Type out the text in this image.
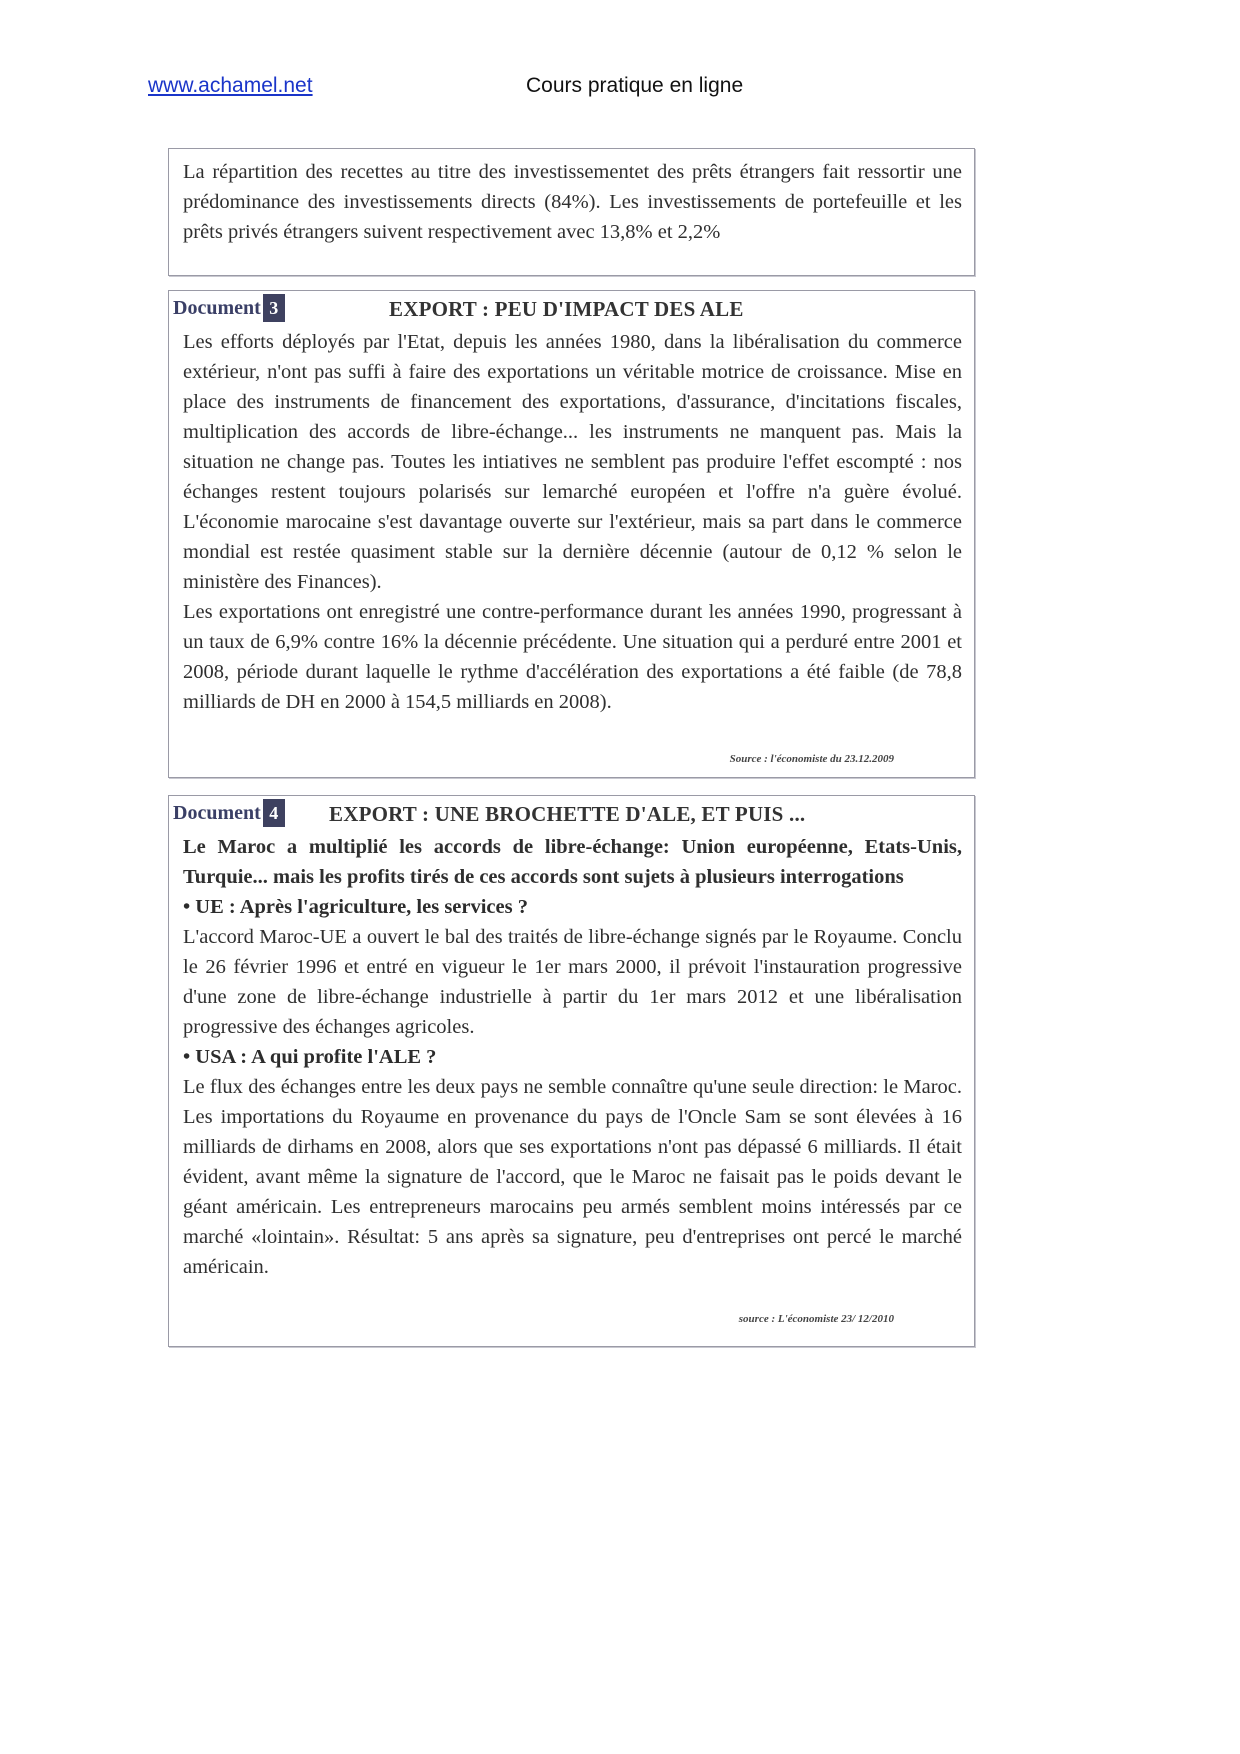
www.achamel.net	Cours pratique en ligne

La répartition des recettes au titre des investissementet des prêts étrangers fait ressortir une prédominance des investissements directs (84%). Les investissements de portefeuille et les prêts privés étrangers suivent respectivement avec 13,8% et 2,2%

Document 3	EXPORT : PEU D'IMPACT DES ALE

Les efforts déployés par l'Etat, depuis les années 1980, dans la libéralisation du commerce extérieur, n'ont pas suffi à faire des exportations un véritable motrice de croissance. Mise en place des instruments de financement des exportations, d'assurance, d'incitations fiscales, multiplication des accords de libre-échange... les instruments ne manquent pas. Mais la situation ne change pas. Toutes les intiatives ne semblent pas produire l'effet escompté : nos échanges restent toujours polarisés sur lemarché européen et l'offre n'a guère évolué. L'économie marocaine s'est davantage ouverte sur l'extérieur, mais sa part dans le commerce mondial est restée quasiment stable sur la dernière décennie (autour de 0,12 % selon le ministère des Finances).

Les exportations ont enregistré une contre-performance durant les années 1990, progressant à un taux de 6,9% contre 16% la décennie précédente. Une situation qui a perduré entre 2001 et 2008, période durant laquelle le rythme d'accélération des exportations a été faible (de 78,8 milliards de DH en 2000 à 154,5 milliards en 2008).

Source : l'économiste du 23.12.2009
Document 4	EXPORT : UNE BROCHETTE D'ALE, ET PUIS ...

Le Maroc a multiplié les accords de libre-échange: Union européenne, Etats-Unis, Turquie... mais les profits tirés de ces accords sont sujets à plusieurs interrogations

• UE : Après l'agriculture, les services ?

L'accord Maroc-UE a ouvert le bal des traités de libre-échange signés par le Royaume. Conclu le 26 février 1996 et entré en vigueur le 1er mars 2000, il prévoit l'instauration progressive d'une zone de libre-échange industrielle à partir du 1er mars 2012 et une libéralisation progressive des échanges agricoles.

• USA : A qui profite l'ALE ?

Le flux des échanges entre les deux pays ne semble connaître qu'une seule direction: le Maroc. Les importations du Royaume en provenance du pays de l'Oncle Sam se sont élevées à 16 milliards de dirhams en 2008, alors que ses exportations n'ont pas dépassé 6 milliards. Il était évident, avant même la signature de l'accord, que le Maroc ne faisait pas le poids devant le géant américain. Les entrepreneurs marocains peu armés semblent moins intéressés par ce marché «lointain». Résultat: 5 ans après sa signature, peu d'entreprises ont percé le marché américain.

source : L'économiste 23/ 12/2010
